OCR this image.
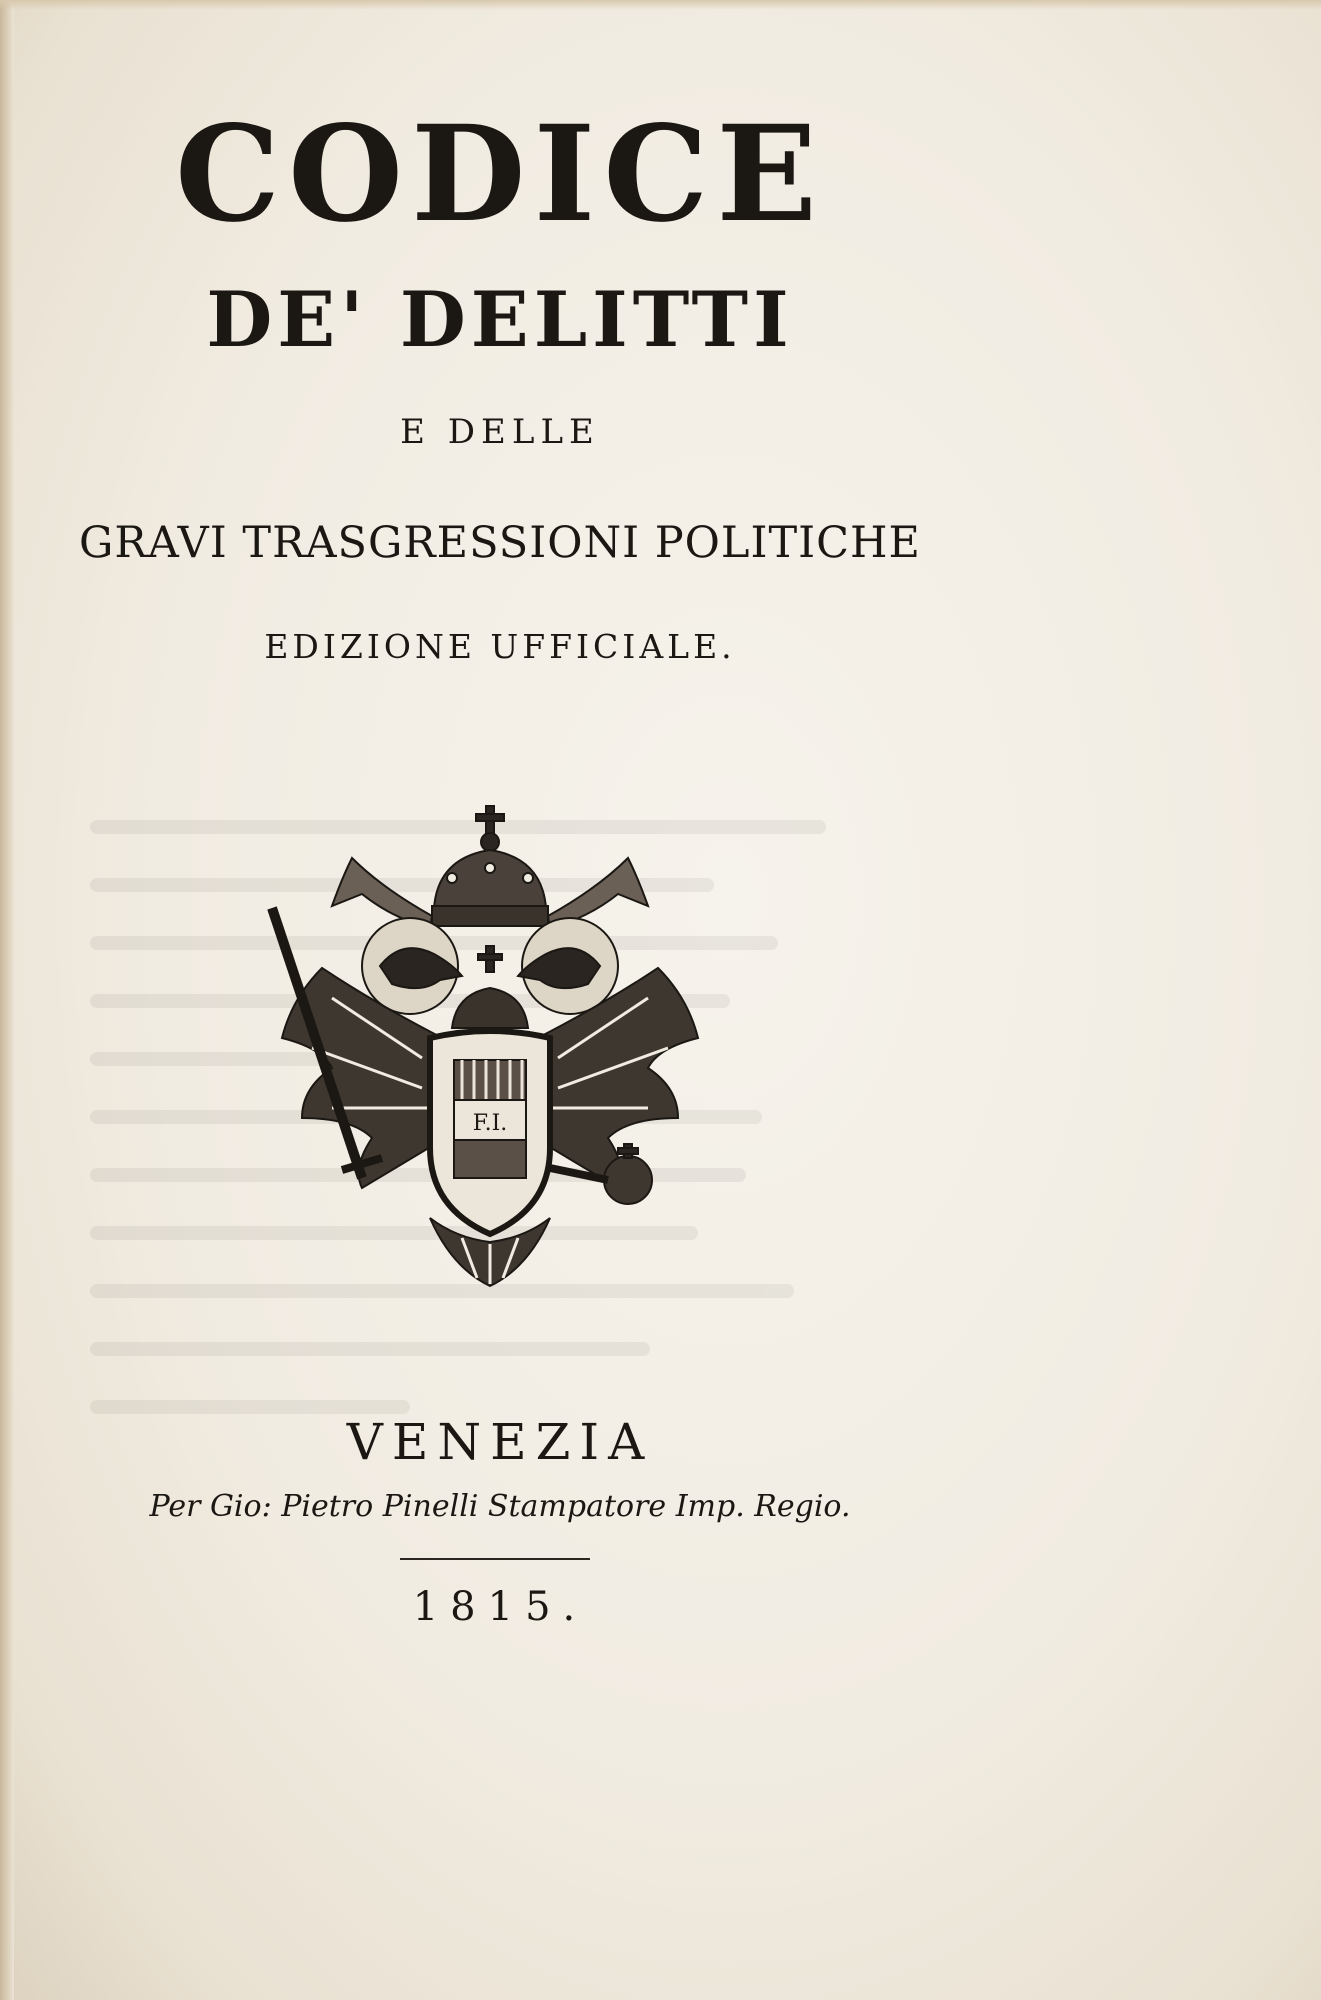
CODICE

DE' DELITTI

E DELLE

GRAVI TRASGRESSIONI POLITICHE

EDIZIONE UFFICIALE.

F.I.

VENEZIA

Per Gio: Pietro Pinelli Stampatore Imp. Regio.

1815.
